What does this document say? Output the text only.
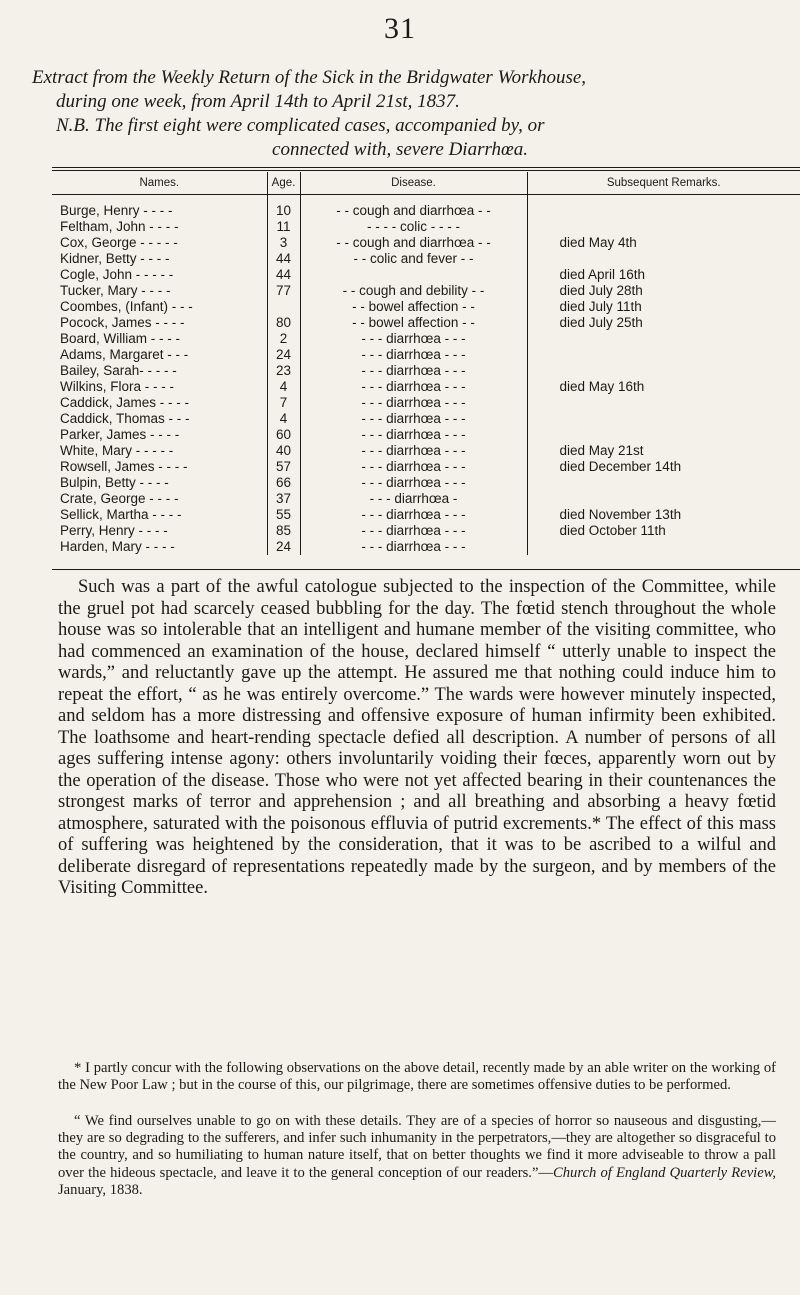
31
Extract from the Weekly Return of the Sick in the Bridgwater Workhouse,
during one week, from April 14th to April 21st, 1837.
N.B. The first eight were complicated cases, accompanied by, or
connected with, severe Diarrhœa.
Names.	Age.	Disease.	Subsequent Remarks.
Burge, Henry - - - -	10	- - cough and diarrhœa - -	
Feltham, John - - - -	11	- - - - colic - - - -	
Cox, George - - - - -	3	- - cough and diarrhœa - -	died May 4th
Kidner, Betty - - - -	44	- - colic and fever - -	
Cogle, John - - - - -	44		died April 16th
Tucker, Mary - - - -	77	- - cough and debility - -	died July 28th
Coombes, (Infant) - - -		- - bowel affection - -	died July 11th
Pocock, James - - - -	80	- - bowel affection - -	died July 25th
Board, William - - - -	2	- - - diarrhœa - - -	
Adams, Margaret - - -	24	- - - diarrhœa - - -	
Bailey, Sarah- - - - -	23	- - - diarrhœa - - -	
Wilkins, Flora - - - -	4	- - - diarrhœa - - -	died May 16th
Caddick, James - - - -	7	- - - diarrhœa - - -	
Caddick, Thomas - - -	4	- - - diarrhœa - - -	
Parker, James - - - -	60	- - - diarrhœa - - -	
White, Mary - - - - -	40	- - - diarrhœa - - -	died May 21st
Rowsell, James - - - -	57	- - - diarrhœa - - -	died December 14th
Bulpin, Betty - - - -	66	- - - diarrhœa - - -	
Crate, George - - - -	37	- - - diarrhœa -	
Sellick, Martha - - - -	55	- - - diarrhœa - - -	died November 13th
Perry, Henry - - - -	85	- - - diarrhœa - - -	died October 11th
Harden, Mary - - - -	24	- - - diarrhœa - - -	

Such was a part of the awful catologue subjected to the inspection of the Committee, while the gruel pot had scarcely ceased bubbling for the day. The fœtid stench throughout the whole house was so intolerable that an intelligent and humane member of the visiting committee, who had commenced an examination of the house, declared himself “ utterly unable to inspect the wards,” and reluctantly gave up the attempt. He assured me that nothing could induce him to repeat the effort, “ as he was entirely overcome.” The wards were however minutely inspected, and seldom has a more distressing and offensive exposure of human infirmity been exhibited. The loathsome and heart-rending spectacle defied all description. A number of persons of all ages suffering intense agony: others involuntarily voiding their fœces, apparently worn out by the operation of the disease. Those who were not yet affected bearing in their countenances the strongest marks of terror and apprehension ; and all breathing and absorbing a heavy fœtid atmosphere, saturated with the poisonous effluvia of putrid excrements.* The effect of this mass of suffering was heightened by the consideration, that it was to be ascribed to a wilful and deliberate disregard of representations repeatedly made by the surgeon, and by members of the Visiting Committee.

* I partly concur with the following observations on the above detail, recently made by an able writer on the working of the New Poor Law ; but in the course of this, our pilgrimage, there are sometimes offensive duties to be performed.

“ We find ourselves unable to go on with these details. They are of a species of horror so nauseous and disgusting,—they are so degrading to the sufferers, and infer such inhumanity in the perpetrators,—they are altogether so disgraceful to the country, and so humiliating to human nature itself, that on better thoughts we find it more adviseable to throw a pall over the hideous spectacle, and leave it to the general conception of our readers.”—Church of England Quarterly Review, January, 1838.
